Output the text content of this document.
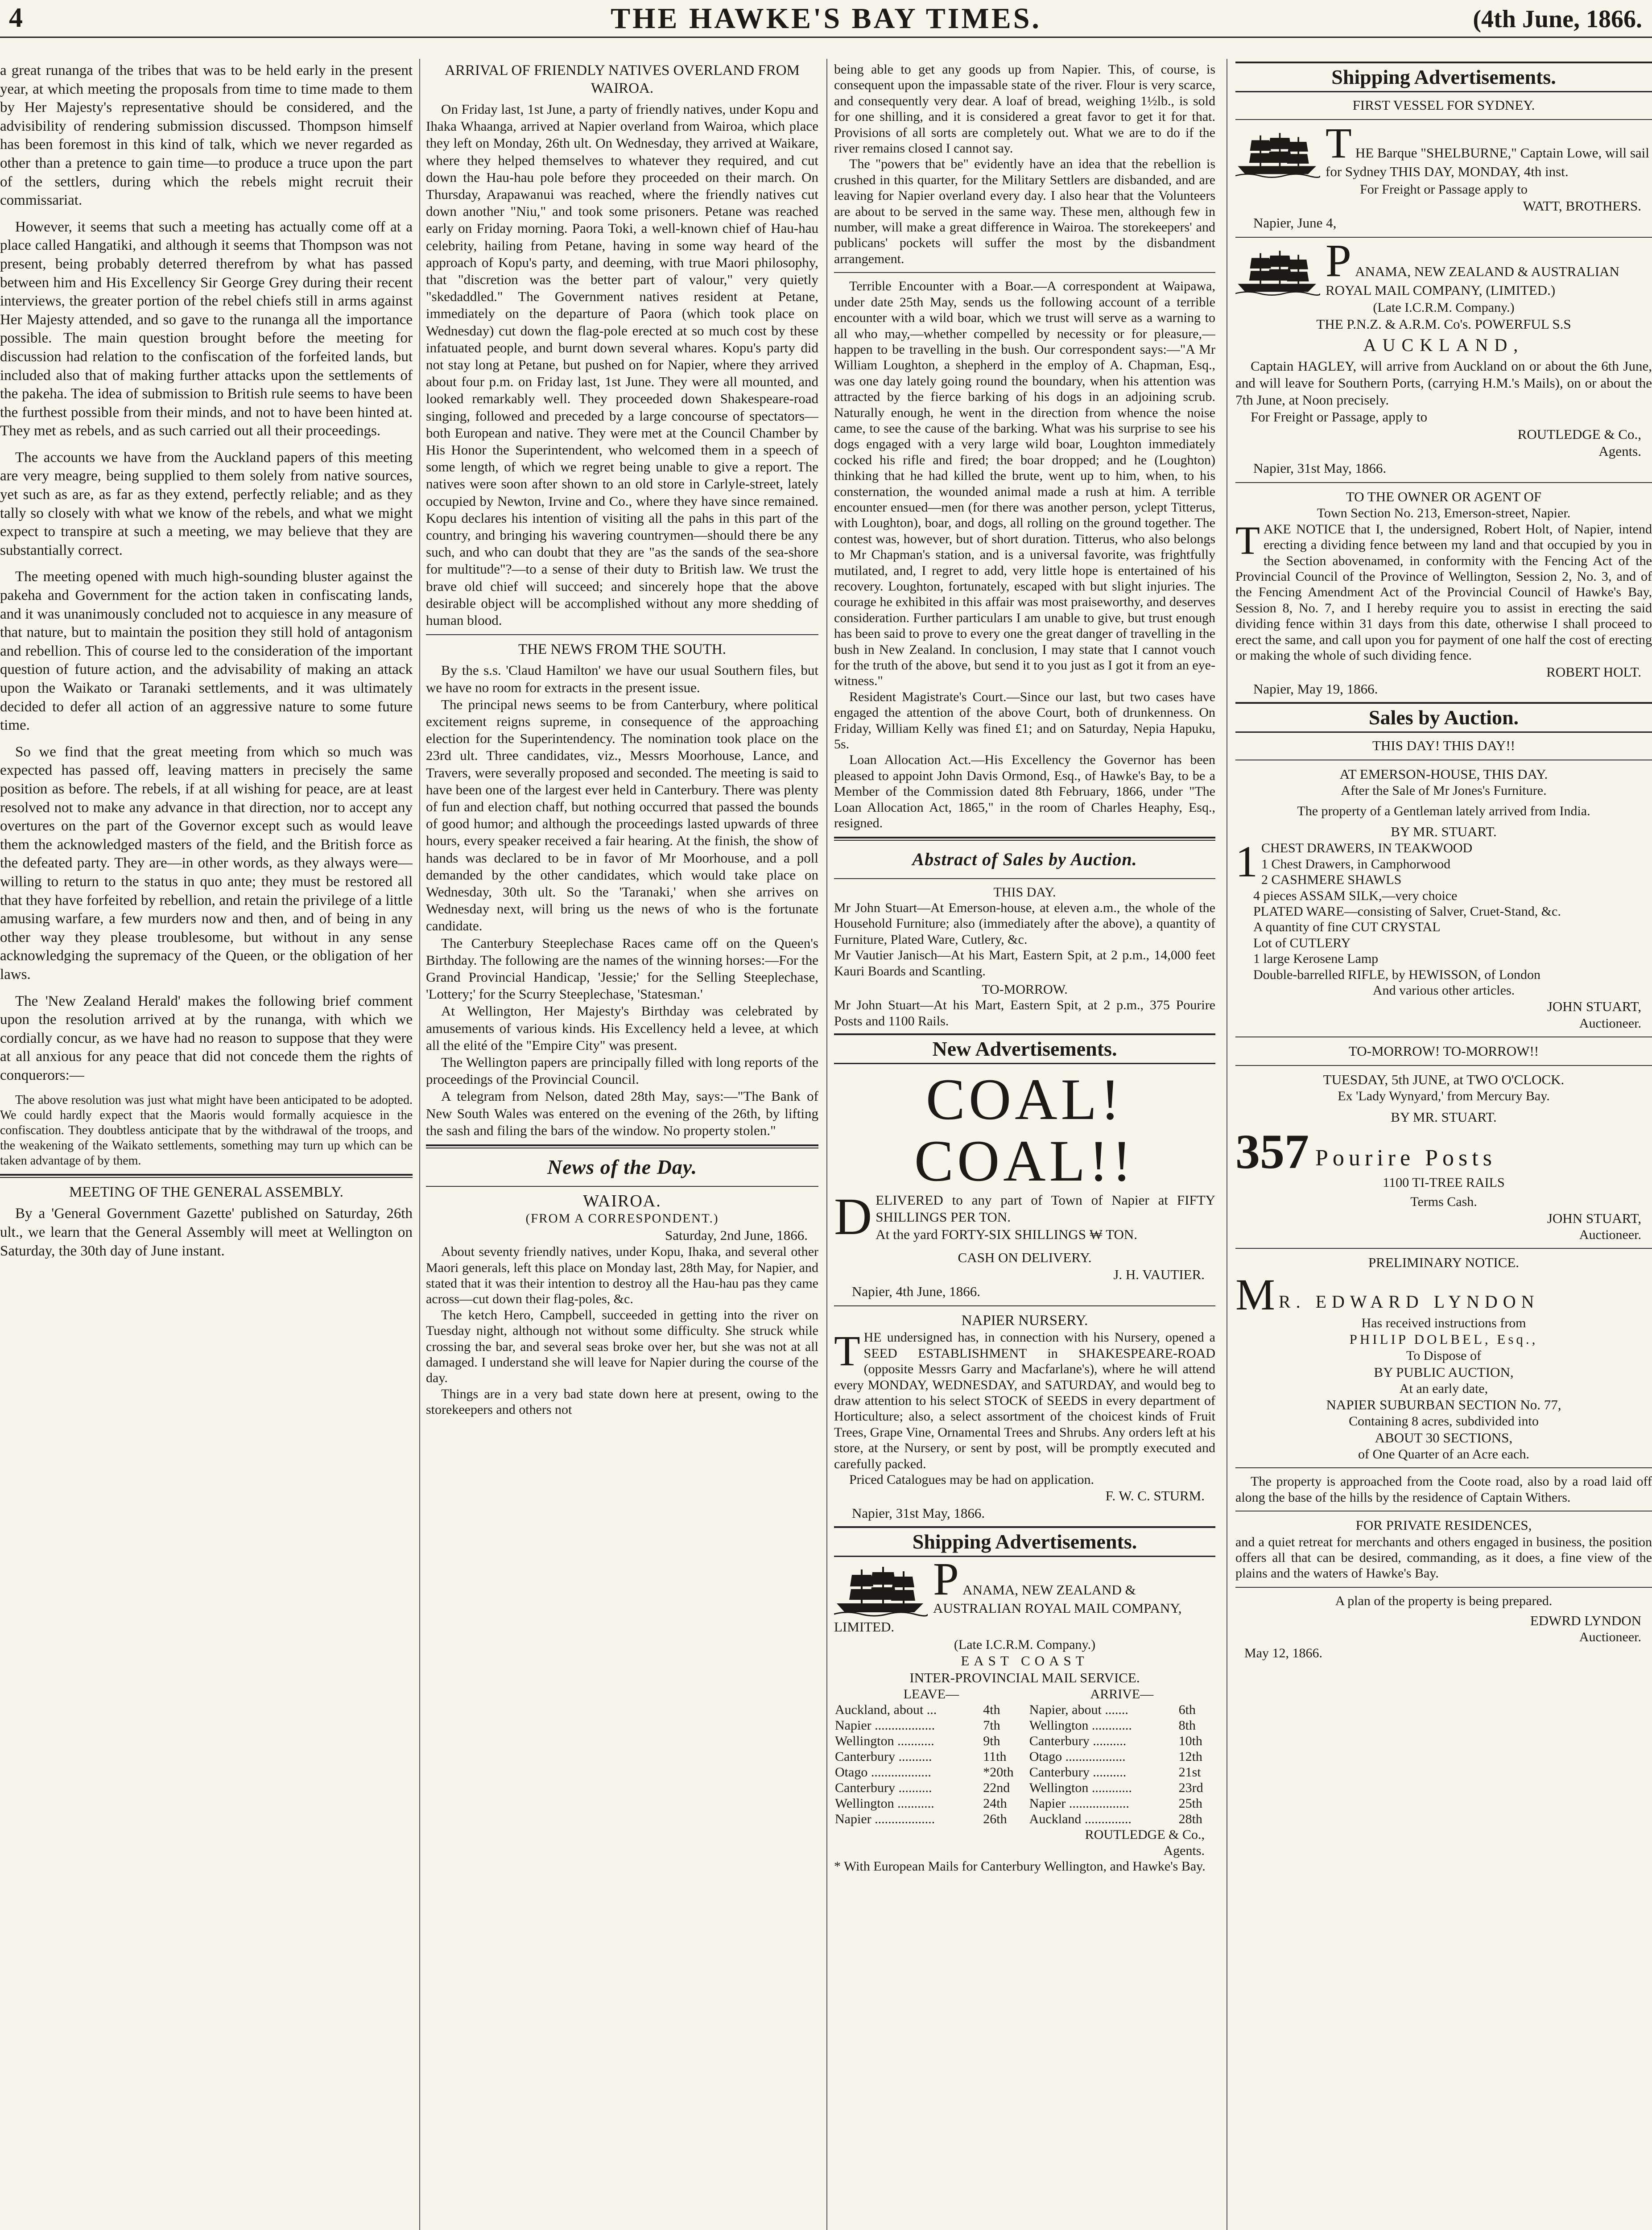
4	THE HAWKE'S BAY TIMES.	(4th June, 1866.

a great runanga of the tribes that was to be held early in the present year, at which meeting the proposals from time to time made to them by Her Majesty's representative should be considered, and the advisibility of rendering submission discussed. Thompson himself has been foremost in this kind of talk, which we never regarded as other than a pretence to gain time—to produce a truce upon the part of the settlers, during which the rebels might recruit their commissariat.

However, it seems that such a meeting has actually come off at a place called Hangatiki, and although it seems that Thompson was not present, being probably deterred therefrom by what has passed between him and His Excellency Sir George Grey during their recent interviews, the greater portion of the rebel chiefs still in arms against Her Majesty attended, and so gave to the runanga all the importance possible. The main question brought before the meeting for discussion had relation to the confiscation of the forfeited lands, but included also that of making further attacks upon the settlements of the pakeha. The idea of submission to British rule seems to have been the furthest possible from their minds, and not to have been hinted at. They met as rebels, and as such carried out all their proceedings.

The accounts we have from the Auckland papers of this meeting are very meagre, being supplied to them solely from native sources, yet such as are, as far as they extend, perfectly reliable; and as they tally so closely with what we know of the rebels, and what we might expect to transpire at such a meeting, we may believe that they are substantially correct.

The meeting opened with much high-sounding bluster against the pakeha and Government for the action taken in confiscating lands, and it was unanimously concluded not to acquiesce in any measure of that nature, but to maintain the position they still hold of antagonism and rebellion. This of course led to the consideration of the important question of future action, and the advisability of making an attack upon the Waikato or Taranaki settlements, and it was ultimately decided to defer all action of an aggressive nature to some future time.

So we find that the great meeting from which so much was expected has passed off, leaving matters in precisely the same position as before. The rebels, if at all wishing for peace, are at least resolved not to make any advance in that direction, nor to accept any overtures on the part of the Governor except such as would leave them the acknowledged masters of the field, and the British force as the defeated party. They are—in other words, as they always were—willing to return to the status in quo ante; they must be restored all that they have forfeited by rebellion, and retain the privilege of a little amusing warfare, a few murders now and then, and of being in any other way they please troublesome, but without in any sense acknowledging the supremacy of the Queen, or the obligation of her laws.

The 'New Zealand Herald' makes the following brief comment upon the resolution arrived at by the runanga, with which we cordially concur, as we have had no reason to suppose that they were at all anxious for any peace that did not concede them the rights of conquerors:—

The above resolution was just what might have been anticipated to be adopted. We could hardly expect that the Maoris would formally acquiesce in the confiscation. They doubtless anticipate that by the withdrawal of the troops, and the weakening of the Waikato settlements, something may turn up which can be taken advantage of by them.

MEETING OF THE GENERAL ASSEMBLY.

By a 'General Government Gazette' published on Saturday, 26th ult., we learn that the General Assembly will meet at Wellington on Saturday, the 30th day of June instant.

ARRIVAL OF FRIENDLY NATIVES OVERLAND FROM WAIROA.

On Friday last, 1st June, a party of friendly natives, under Kopu and Ihaka Whaanga, arrived at Napier overland from Wairoa, which place they left on Monday, 26th ult. On Wednesday, they arrived at Waikare, where they helped themselves to whatever they required, and cut down the Hau-hau pole before they proceeded on their march. On Thursday, Arapawanui was reached, where the friendly natives cut down another "Niu," and took some prisoners. Petane was reached early on Friday morning. Paora Toki, a well-known chief of Hau-hau celebrity, hailing from Petane, having in some way heard of the approach of Kopu's party, and deeming, with true Maori philosophy, that "discretion was the better part of valour," very quietly "skedaddled." The Government natives resident at Petane, immediately on the departure of Paora (which took place on Wednesday) cut down the flag-pole erected at so much cost by these infatuated people, and burnt down several whares. Kopu's party did not stay long at Petane, but pushed on for Napier, where they arrived about four p.m. on Friday last, 1st June. They were all mounted, and looked remarkably well. They proceeded down Shakespeare-road singing, followed and preceded by a large concourse of spectators—both European and native. They were met at the Council Chamber by His Honor the Superintendent, who welcomed them in a speech of some length, of which we regret being unable to give a report. The natives were soon after shown to an old store in Carlyle-street, lately occupied by Newton, Irvine and Co., where they have since remained. Kopu declares his intention of visiting all the pahs in this part of the country, and bringing his wavering countrymen—should there be any such, and who can doubt that they are "as the sands of the sea-shore for multitude"?—to a sense of their duty to British law. We trust the brave old chief will succeed; and sincerely hope that the above desirable object will be accomplished without any more shedding of human blood.

THE NEWS FROM THE SOUTH.

By the s.s. 'Claud Hamilton' we have our usual Southern files, but we have no room for extracts in the present issue.

The principal news seems to be from Canterbury, where political excitement reigns supreme, in consequence of the approaching election for the Superintendency. The nomination took place on the 23rd ult. Three candidates, viz., Messrs Moorhouse, Lance, and Travers, were severally proposed and seconded. The meeting is said to have been one of the largest ever held in Canterbury. There was plenty of fun and election chaff, but nothing occurred that passed the bounds of good humor; and although the proceedings lasted upwards of three hours, every speaker received a fair hearing. At the finish, the show of hands was declared to be in favor of Mr Moorhouse, and a poll demanded by the other candidates, which would take place on Wednesday, 30th ult. So the 'Taranaki,' when she arrives on Wednesday next, will bring us the news of who is the fortunate candidate.

The Canterbury Steeplechase Races came off on the Queen's Birthday. The following are the names of the winning horses:—For the Grand Provincial Handicap, 'Jessie;' for the Selling Steeplechase, 'Lottery;' for the Scurry Steeplechase, 'Statesman.'

At Wellington, Her Majesty's Birthday was celebrated by amusements of various kinds. His Excellency held a levee, at which all the elité of the "Empire City" was present.

The Wellington papers are principally filled with long reports of the proceedings of the Provincial Council.

A telegram from Nelson, dated 28th May, says:—"The Bank of New South Wales was entered on the evening of the 26th, by lifting the sash and filing the bars of the window. No property stolen."

News of the Day.
WAIROA.
(FROM A CORRESPONDENT.)
Saturday, 2nd June, 1866.

About seventy friendly natives, under Kopu, Ihaka, and several other Maori generals, left this place on Monday last, 28th May, for Napier, and stated that it was their intention to destroy all the Hau-hau pas they came across—cut down their flag-poles, &c.

The ketch Hero, Campbell, succeeded in getting into the river on Tuesday night, although not without some difficulty. She struck while crossing the bar, and several seas broke over her, but she was not at all damaged. I understand she will leave for Napier during the course of the day.

Things are in a very bad state down here at present, owing to the storekeepers and others not

being able to get any goods up from Napier. This, of course, is consequent upon the impassable state of the river. Flour is very scarce, and consequently very dear. A loaf of bread, weighing 1½lb., is sold for one shilling, and it is considered a great favor to get it for that. Provisions of all sorts are completely out. What we are to do if the river remains closed I cannot say.

The "powers that be" evidently have an idea that the rebellion is crushed in this quarter, for the Military Settlers are disbanded, and are leaving for Napier overland every day. I also hear that the Volunteers are about to be served in the same way. These men, although few in number, will make a great difference in Wairoa. The storekeepers' and publicans' pockets will suffer the most by the disbandment arrangement.

Terrible Encounter with a Boar.—A correspondent at Waipawa, under date 25th May, sends us the following account of a terrible encounter with a wild boar, which we trust will serve as a warning to all who may,—whether compelled by necessity or for pleasure,—happen to be travelling in the bush. Our correspondent says:—"A Mr William Loughton, a shepherd in the employ of A. Chapman, Esq., was one day lately going round the boundary, when his attention was attracted by the fierce barking of his dogs in an adjoining scrub. Naturally enough, he went in the direction from whence the noise came, to see the cause of the barking. What was his surprise to see his dogs engaged with a very large wild boar, Loughton immediately cocked his rifle and fired; the boar dropped; and he (Loughton) thinking that he had killed the brute, went up to him, when, to his consternation, the wounded animal made a rush at him. A terrible encounter ensued—men (for there was another person, yclept Titterus, with Loughton), boar, and dogs, all rolling on the ground together. The contest was, however, but of short duration. Titterus, who also belongs to Mr Chapman's station, and is a universal favorite, was frightfully mutilated, and, I regret to add, very little hope is entertained of his recovery. Loughton, fortunately, escaped with but slight injuries. The courage he exhibited in this affair was most praiseworthy, and deserves consideration. Further particulars I am unable to give, but trust enough has been said to prove to every one the great danger of travelling in the bush in New Zealand. In conclusion, I may state that I cannot vouch for the truth of the above, but send it to you just as I got it from an eye-witness."

Resident Magistrate's Court.—Since our last, but two cases have engaged the attention of the above Court, both of drunkenness. On Friday, William Kelly was fined £1; and on Saturday, Nepia Hapuku, 5s.

Loan Allocation Act.—His Excellency the Governor has been pleased to appoint John Davis Ormond, Esq., of Hawke's Bay, to be a Member of the Commission dated 8th February, 1866, under "The Loan Allocation Act, 1865," in the room of Charles Heaphy, Esq., resigned.

Abstract of Sales by Auction.
THIS DAY.

Mr John Stuart—At Emerson-house, at eleven a.m., the whole of the Household Furniture; also (immediately after the above), a quantity of Furniture, Plated Ware, Cutlery, &c.

Mr Vautier Janisch—At his Mart, Eastern Spit, at 2 p.m., 14,000 feet Kauri Boards and Scantling.

TO-MORROW.

Mr John Stuart—At his Mart, Eastern Spit, at 2 p.m., 375 Pourire Posts and 1100 Rails.

New Advertisements.
COAL! COAL!!
D ELIVERED to any part of Town of Napier at FIFTY SHILLINGS PER TON.

At the yard FORTY-SIX SHILLINGS ₩ TON.

CASH ON DELIVERY.
J. H. VAUTIER.
Napier, 4th June, 1866.
NAPIER NURSERY.
T HE undersigned has, in connection with his Nursery, opened a SEED ESTABLISHMENT in SHAKESPEARE-ROAD (opposite Messrs Garry and Macfarlane's), where he will attend every MONDAY, WEDNESDAY, and SATURDAY, and would beg to draw attention to his select STOCK of SEEDS in every department of Horticulture; also, a select assortment of the choicest kinds of Fruit Trees, Grape Vine, Ornamental Trees and Shrubs. Any orders left at his store, at the Nursery, or sent by post, will be promptly executed and carefully packed.

Priced Catalogues may be had on application.

F. W. C. STURM.
Napier, 31st May, 1866.
Shipping Advertisements.
P ANAMA, NEW ZEALAND & AUSTRALIAN ROYAL MAIL COMPANY, LIMITED.
(Late I.C.R.M. Company.)
EAST COAST
INTER-PROVINCIAL MAIL SERVICE.
LEAVE—		ARRIVE—	
Auckland, about ...	4th	Napier, about .......	6th
Napier ..................	7th	Wellington ............	8th
Wellington ...........	9th	Canterbury ..........	10th
Canterbury ..........	11th	Otago ..................	12th
Otago ..................	*20th	Canterbury ..........	21st
Canterbury ..........	22nd	Wellington ............	23rd
Wellington ...........	24th	Napier ..................	25th
Napier ..................	26th	Auckland ..............	28th
ROUTLEDGE & Co.,
Agents.

* With European Mails for Canterbury Wellington, and Hawke's Bay.

Shipping Advertisements.
FIRST VESSEL FOR SYDNEY.
T HE Barque "SHELBURNE," Captain Lowe, will sail for Sydney THIS DAY, MONDAY, 4th inst.
For Freight or Passage apply to
WATT, BROTHERS.
Napier, June 4,
P ANAMA, NEW ZEALAND & AUSTRALIAN ROYAL MAIL COMPANY, (LIMITED.)
(Late I.C.R.M. Company.)
THE P.N.Z. & A.R.M. Co's. POWERFUL S.S
AUCKLAND,

Captain HAGLEY, will arrive from Auckland on or about the 6th June, and will leave for Southern Ports, (carrying H.M.'s Mails), on or about the 7th June, at Noon precisely.

For Freight or Passage, apply to

ROUTLEDGE & Co.,
Agents.
Napier, 31st May, 1866.
TO THE OWNER OR AGENT OF
Town Section No. 213, Emerson-street, Napier.
T AKE NOTICE that I, the undersigned, Robert Holt, of Napier, intend erecting a dividing fence between my land and that occupied by you in the Section abovenamed, in conformity with the Fencing Act of the Provincial Council of the Province of Wellington, Session 2, No. 3, and of the Fencing Amendment Act of the Provincial Council of Hawke's Bay, Session 8, No. 7, and I hereby require you to assist in erecting the said dividing fence within 31 days from this date, otherwise I shall proceed to erect the same, and call upon you for payment of one half the cost of erecting or making the whole of such dividing fence.

ROBERT HOLT.
Napier, May 19, 1866.
Sales by Auction.
THIS DAY! THIS DAY!!
AT EMERSON-HOUSE, THIS DAY.
After the Sale of Mr Jones's Furniture.
The property of a Gentleman lately arrived from India.
BY MR. STUART.
1 CHEST DRAWERS, IN TEAKWOOD
1 Chest Drawers, in Camphorwood
2 CASHMERE SHAWLS
4 pieces ASSAM SILK,—very choice
PLATED WARE—consisting of Salver, Cruet-Stand, &c.
A quantity of fine CUT CRYSTAL
Lot of CUTLERY
1 large Kerosene Lamp
Double-barrelled RIFLE, by HEWISSON, of London
And various other articles.
JOHN STUART,
Auctioneer.
TO-MORROW! TO-MORROW!!
TUESDAY, 5th JUNE, at TWO O'CLOCK.
Ex 'Lady Wynyard,' from Mercury Bay.
BY MR. STUART.
357 Pourire Posts
1100 TI-TREE RAILS
Terms Cash.
JOHN STUART,
Auctioneer.
PRELIMINARY NOTICE.
M R. EDWARD LYNDON
Has received instructions from
PHILIP DOLBEL, Esq.,
To Dispose of
BY PUBLIC AUCTION,
At an early date,
NAPIER SUBURBAN SECTION No. 77,
Containing 8 acres, subdivided into
ABOUT 30 SECTIONS,
of One Quarter of an Acre each.

The property is approached from the Coote road, also by a road laid off along the base of the hills by the residence of Captain Withers.

FOR PRIVATE RESIDENCES,

and a quiet retreat for merchants and others engaged in business, the position offers all that can be desired, commanding, as it does, a fine view of the plains and the waters of Hawke's Bay.

A plan of the property is being prepared.
EDWRD LYNDON
Auctioneer.
May 12, 1866.
